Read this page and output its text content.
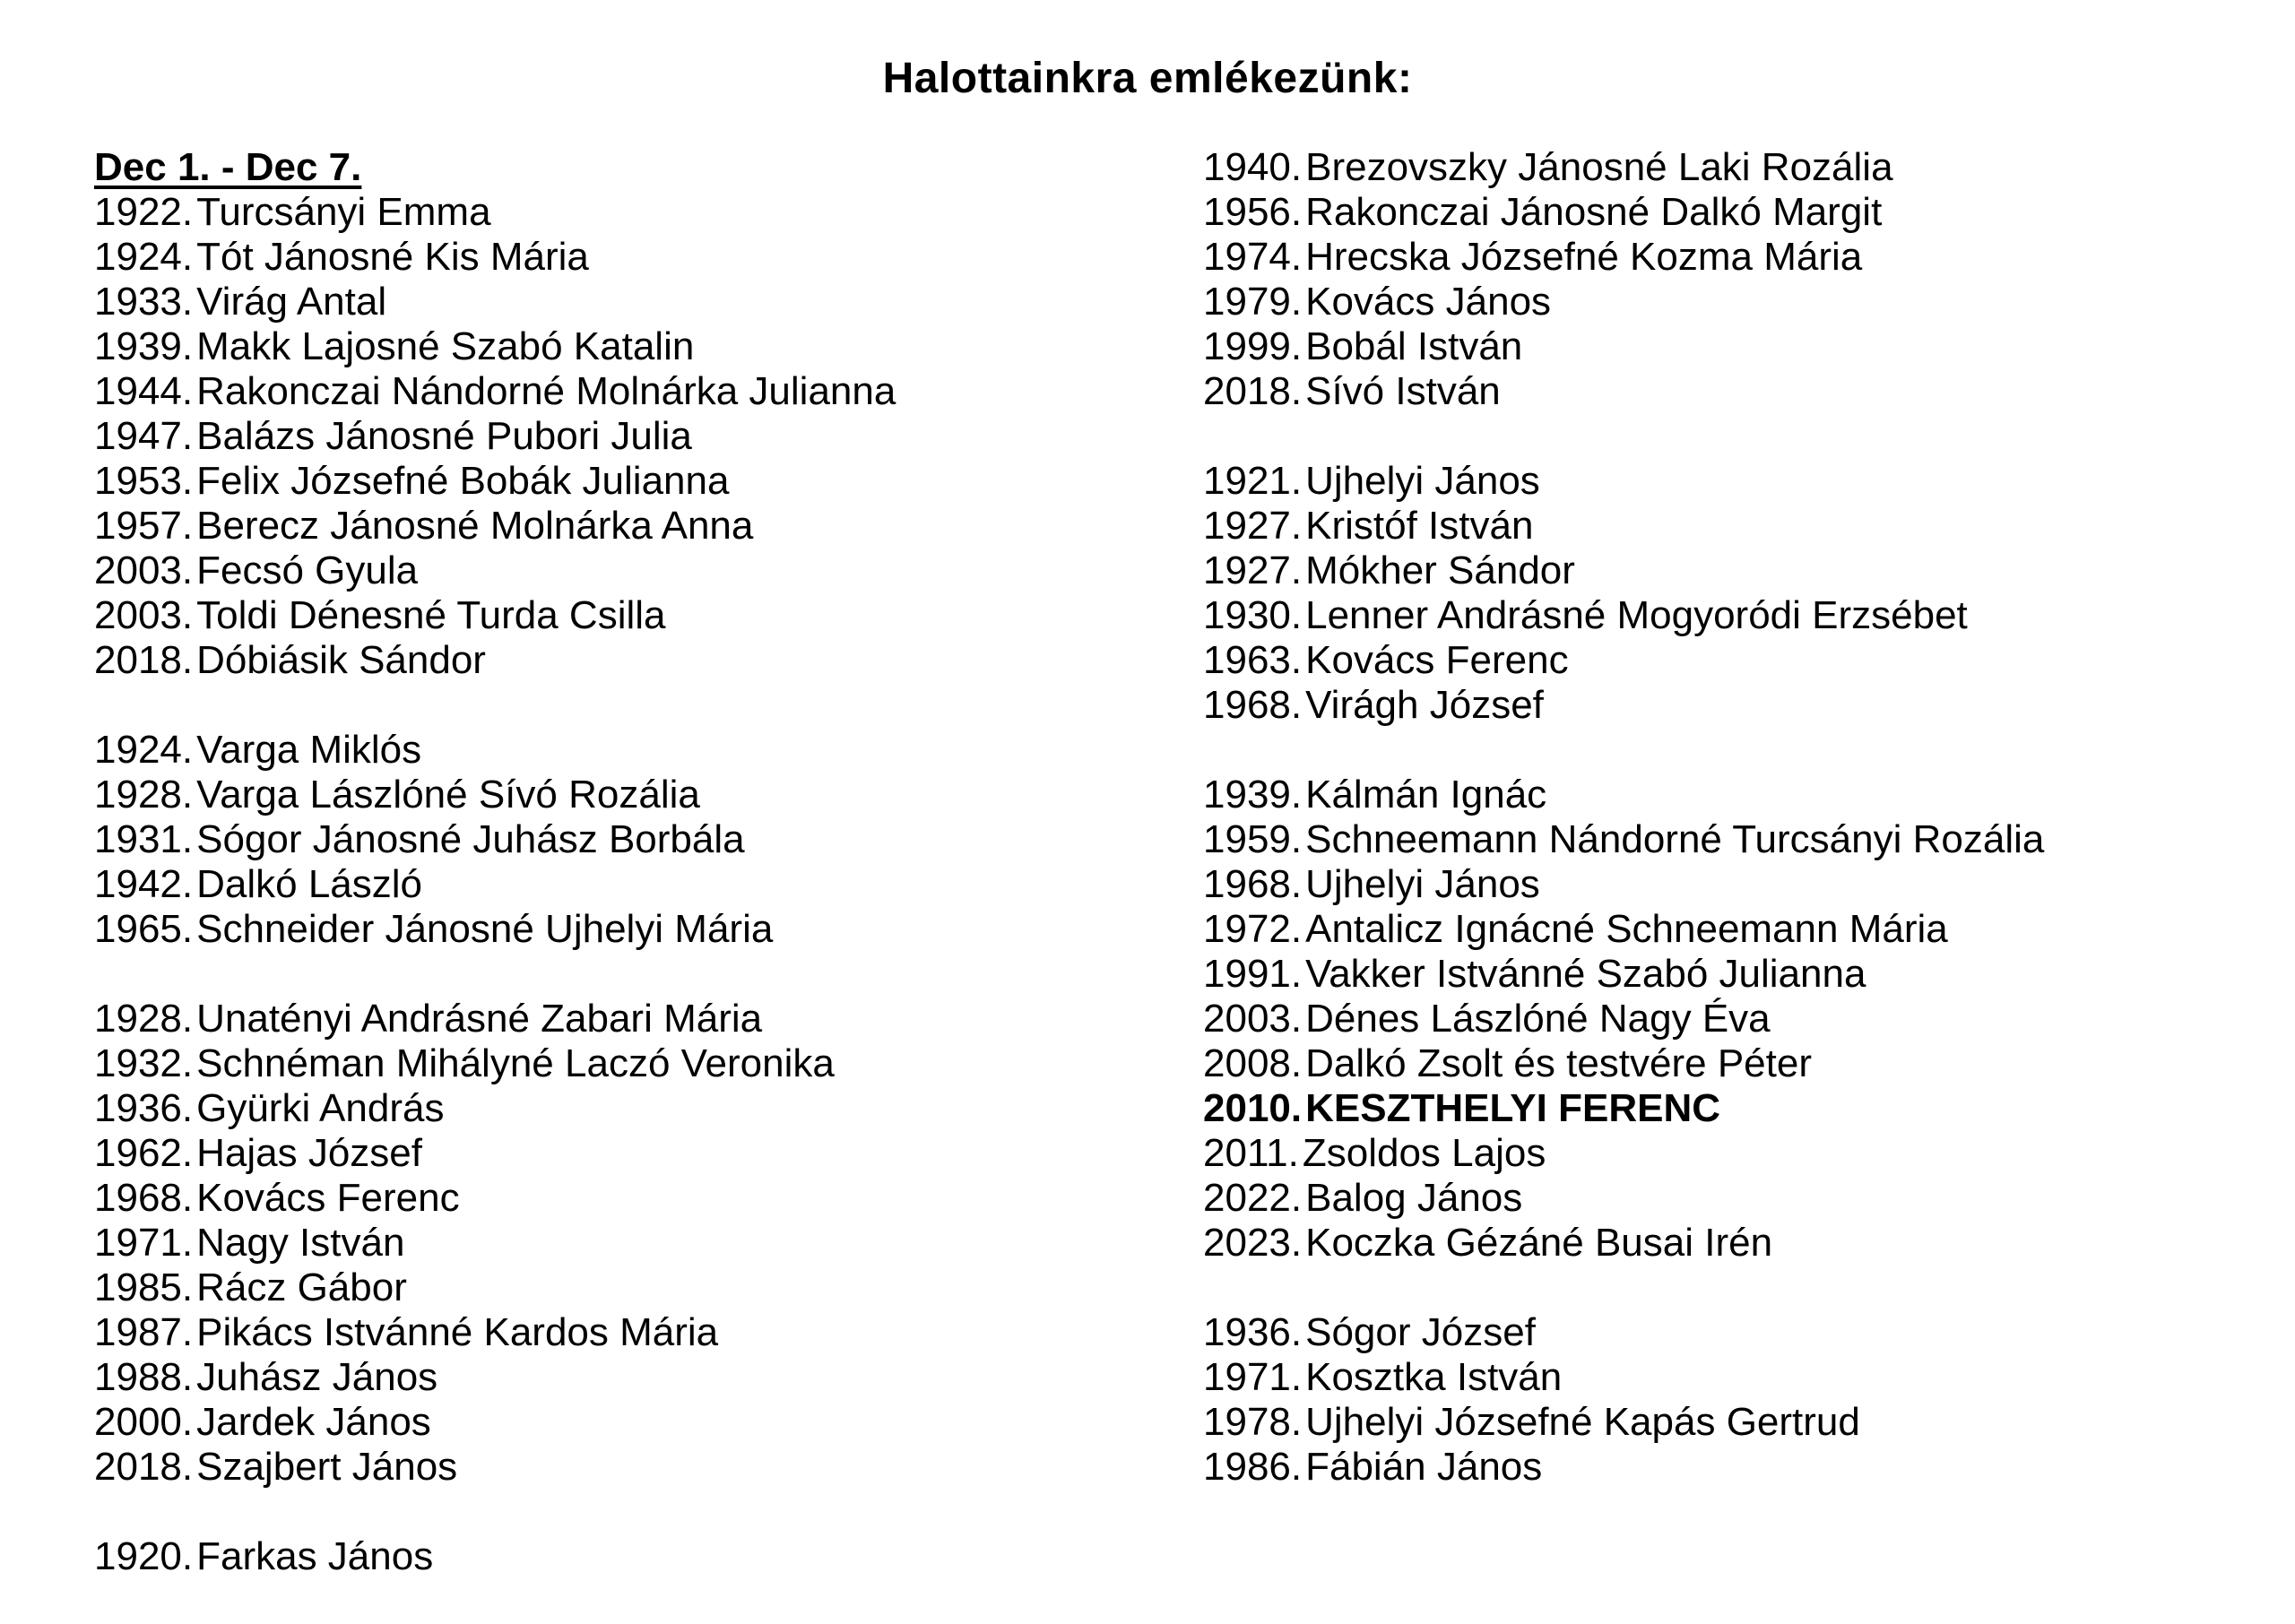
Halottainkra emlékezünk:
Dec 1. - Dec 7.
1922.Turcsányi Emma
1924.Tót Jánosné Kis Mária
1933.Virág Antal
1939.Makk Lajosné Szabó Katalin
1944.Rakonczai Nándorné Molnárka Julianna
1947.Balázs Jánosné Pubori Julia
1953.Felix Józsefné Bobák Julianna
1957.Berecz Jánosné Molnárka Anna
2003.Fecsó Gyula
2003.Toldi Dénesné Turda Csilla
2018.Dóbiásik Sándor
1924.Varga Miklós
1928.Varga Lászlóné Sívó Rozália
1931.Sógor Jánosné Juhász Borbála
1942.Dalkó László
1965.Schneider Jánosné Ujhelyi Mária
1928.Unatényi Andrásné Zabari Mária
1932.Schnéman Mihályné Laczó Veronika
1936.Gyürki András
1962.Hajas József
1968.Kovács Ferenc
1971.Nagy István
1985.Rácz Gábor
1987.Pikács Istvánné Kardos Mária
1988.Juhász János
2000.Jardek János
2018.Szajbert János
1920.Farkas János
1940.Brezovszky Jánosné Laki Rozália
1956.Rakonczai Jánosné Dalkó Margit
1974.Hrecska Józsefné Kozma Mária
1979.Kovács János
1999.Bobál István
2018.Sívó István
1921.Ujhelyi János
1927.Kristóf István
1927.Mókher Sándor
1930.Lenner Andrásné Mogyoródi Erzsébet
1963.Kovács Ferenc
1968.Virágh József
1939.Kálmán Ignác
1959.Schneemann Nándorné Turcsányi Rozália
1968.Ujhelyi János
1972.Antalicz Ignácné Schneemann Mária
1991.Vakker Istvánné Szabó Julianna
2003.Dénes Lászlóné Nagy Éva
2008.Dalkó Zsolt és testvére Péter
2010.KESZTHELYI FERENC
2011.Zsoldos Lajos
2022.Balog János
2023.Koczka Gézáné Busai Irén
1936.Sógor József
1971.Kosztka István
1978.Ujhelyi Józsefné Kapás Gertrud
1986.Fábián János
